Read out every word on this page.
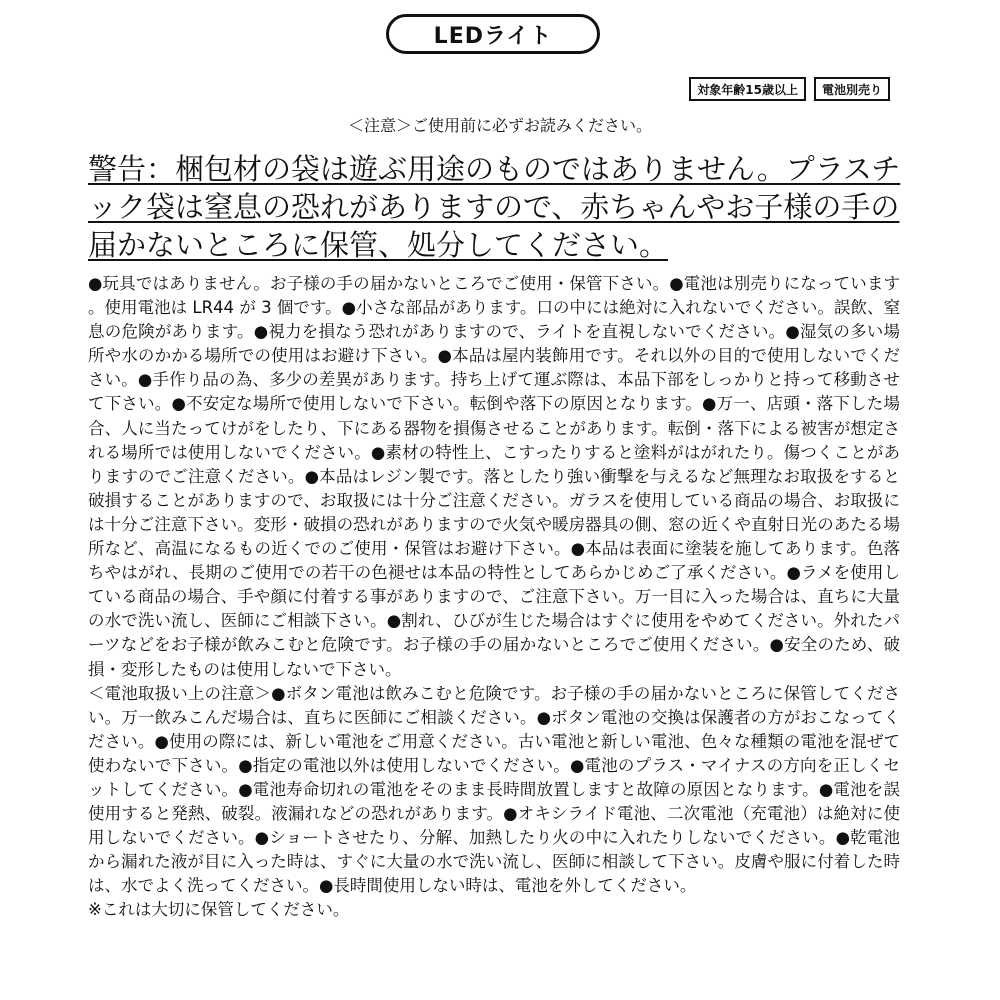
LEDライト
対象年齢15歳以上	電池別売り
＜注意＞ご使用前に必ずお読みください。

警告：梱包材の袋は遊ぶ用途のものではありません。プラスチック袋は窒息の恐れがありますので、赤ちゃんやお子様の手の届かないところに保管、処分してください。

●玩具ではありません。お子様の手の届かないところでご使用・保管下さい。●電池は別売りになっています。使用電池は LR44 が 3 個です。●小さな部品があります。口の中には絶対に入れないでください。誤飲、窒息の危険があります。●視力を損なう恐れがありますので、ライトを直視しないでください。●湿気の多い場所や水のかかる場所での使用はお避け下さい。●本品は屋内装飾用です。それ以外の目的で使用しないでください。●手作り品の為、多少の差異があります。持ち上げて運ぶ際は、本品下部をしっかりと持って移動させて下さい。●不安定な場所で使用しないで下さい。転倒や落下の原因となります。●万一、店頭・落下した場合、人に当たってけがをしたり、下にある器物を損傷させることがあります。転倒・落下による被害が想定される場所では使用しないでください。●素材の特性上、こすったりすると塗料がはがれたり。傷つくことがありますのでご注意ください。●本品はレジン製です。落としたり強い衝撃を与えるなど無理なお取扱をすると破損することがありますので、お取扱には十分ご注意ください。ガラスを使用している商品の場合、お取扱には十分ご注意下さい。変形・破損の恐れがありますので火気や暖房器具の側、窓の近くや直射日光のあたる場所など、高温になるもの近くでのご使用・保管はお避け下さい。●本品は表面に塗装を施してあります。色落ちやはがれ、長期のご使用での若干の色褪せは本品の特性としてあらかじめご了承ください。●ラメを使用している商品の場合、手や顔に付着する事がありますので、ご注意下さい。万一目に入った場合は、直ちに大量の水で洗い流し、医師にご相談下さい。●割れ、ひびが生じた場合はすぐに使用をやめてください。外れたパーツなどをお子様が飲みこむと危険です。お子様の手の届かないところでご使用ください。●安全のため、破損・変形したものは使用しないで下さい。
＜電池取扱い上の注意＞●ボタン電池は飲みこむと危険です。お子様の手の届かないところに保管してください。万一飲みこんだ場合は、直ちに医師にご相談ください。●ボタン電池の交換は保護者の方がおこなってください。●使用の際には、新しい電池をご用意ください。古い電池と新しい電池、色々な種類の電池を混ぜて使わないで下さい。●指定の電池以外は使用しないでください。●電池のプラス・マイナスの方向を正しくセットしてください。●電池寿命切れの電池をそのまま長時間放置しますと故障の原因となります。●電池を誤使用すると発熱、破裂。液漏れなどの恐れがあります。●オキシライド電池、二次電池（充電池）は絶対に使用しないでください。●ショートさせたり、分解、加熱したり火の中に入れたりしないでください。●乾電池から漏れた液が目に入った時は、すぐに大量の水で洗い流し、医師に相談して下さい。皮膚や服に付着した時は、水でよく洗ってください。●長時間使用しない時は、電池を外してください。
※これは大切に保管してください。
